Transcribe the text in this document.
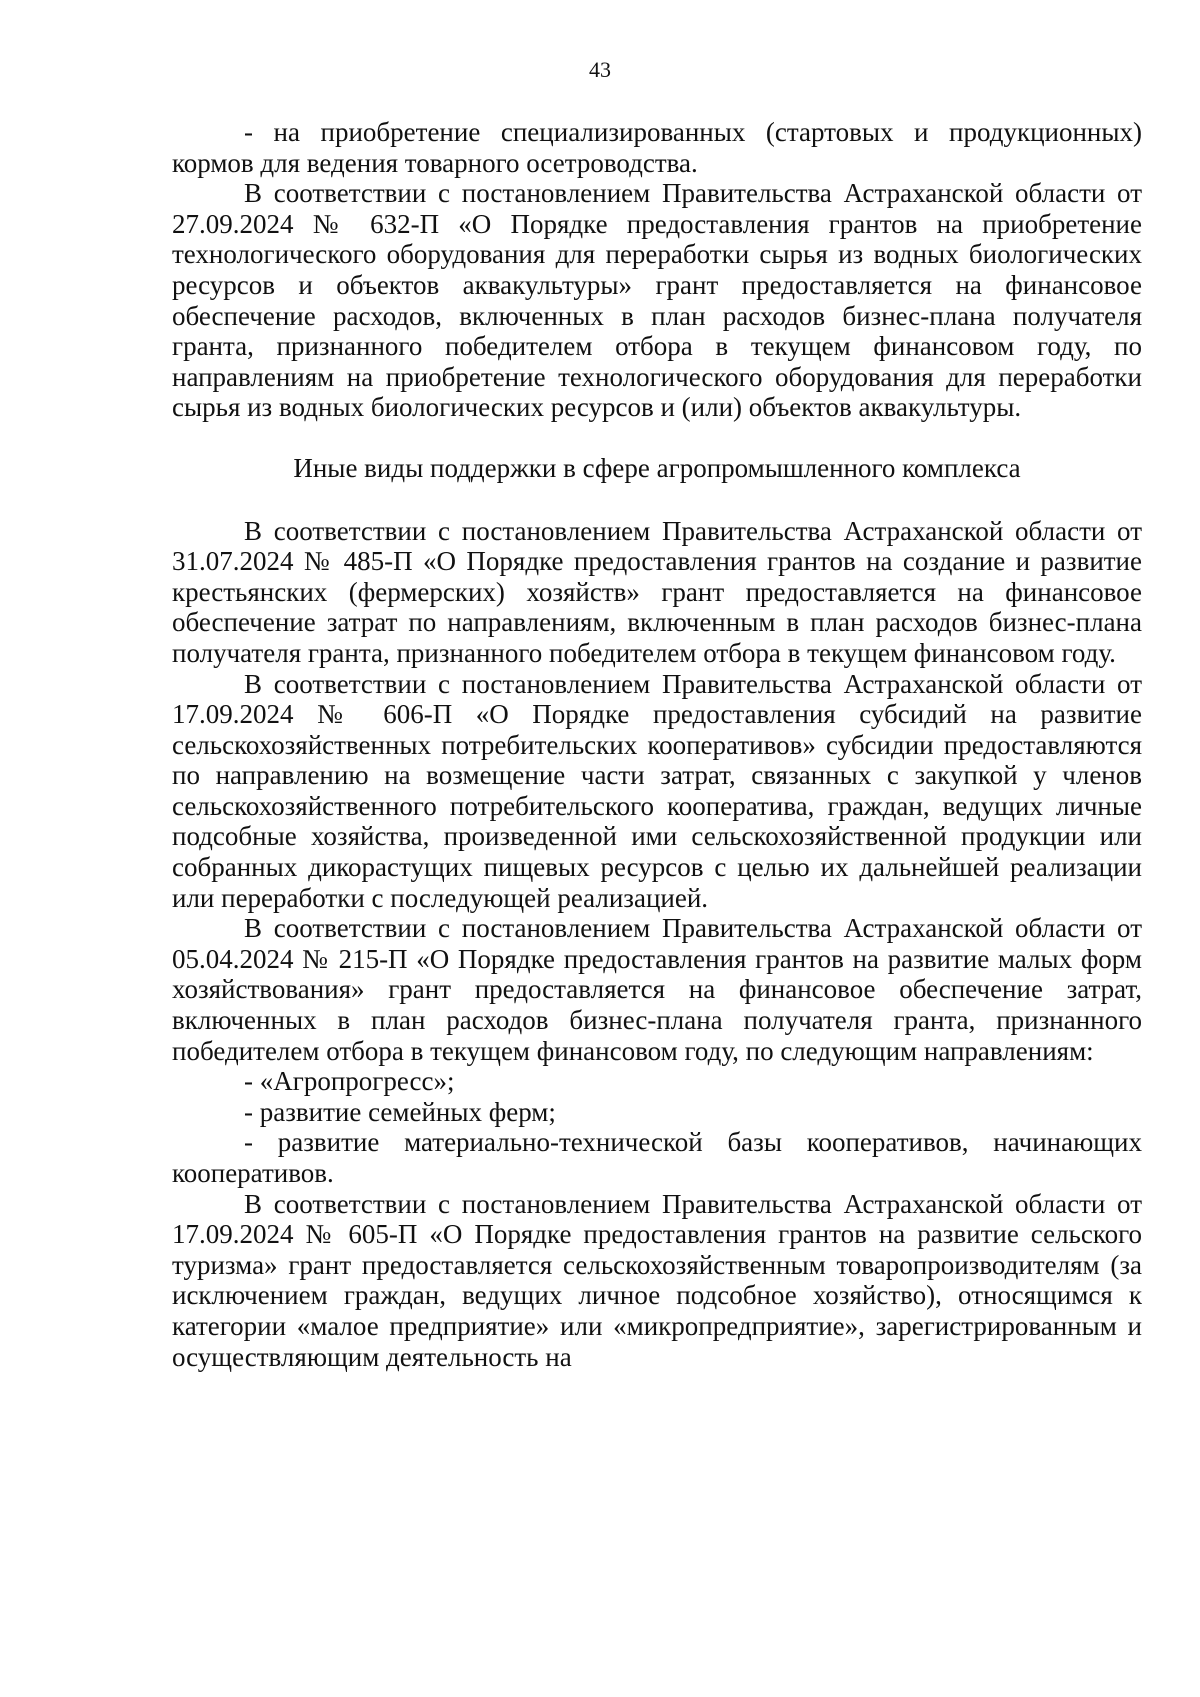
43

- на приобретение специализированных (стартовых и продукционных) кормов для ведения товарного осетроводства.

В соответствии с постановлением Правительства Астраханской области от 27.09.2024 № 632-П «О Порядке предоставления грантов на приобретение технологического оборудования для переработки сырья из водных биологических ресурсов и объектов аквакультуры» грант предоставляется на финансовое обеспечение расходов, включенных в план расходов бизнес-плана получателя гранта, признанного победителем отбора в текущем финансовом году, по направлениям на приобретение технологического оборудования для переработки сырья из водных биологических ресурсов и (или) объектов аквакультуры.

Иные виды поддержки в сфере агропромышленного комплекса

В соответствии с постановлением Правительства Астраханской области от 31.07.2024 № 485-П «О Порядке предоставления грантов на создание и развитие крестьянских (фермерских) хозяйств» грант предоставляется на финансовое обеспечение затрат по направлениям, включенным в план расходов бизнес-плана получателя гранта, признанного победителем отбора в текущем финансовом году.

В соответствии с постановлением Правительства Астраханской области от 17.09.2024 № 606-П «О Порядке предоставления субсидий на развитие сельскохозяйственных потребительских кооперативов» субсидии предоставляются по направлению на возмещение части затрат, связанных с закупкой у членов сельскохозяйственного потребительского кооператива, граждан, ведущих личные подсобные хозяйства, произведенной ими сельскохозяйственной продукции или собранных дикорастущих пищевых ресурсов с целью их дальнейшей реализации или переработки с последующей реализацией.

В соответствии с постановлением Правительства Астраханской области от 05.04.2024 № 215-П «О Порядке предоставления грантов на развитие малых форм хозяйствования» грант предоставляется на финансовое обеспечение затрат, включенных в план расходов бизнес-плана получателя гранта, признанного победителем отбора в текущем финансовом году, по следующим направлениям:

- «Агропрогресс»;

- развитие семейных ферм;

- развитие материально-технической базы кооперативов, начинающих кооперативов.

В соответствии с постановлением Правительства Астраханской области от 17.09.2024 № 605-П «О Порядке предоставления грантов на развитие сельского туризма» грант предоставляется сельскохозяйственным товаропроизводителям (за исключением граждан, ведущих личное подсобное хозяйство), относящимся к категории «малое предприятие» или «микропредприятие», зарегистрированным и осуществляющим деятельность на
